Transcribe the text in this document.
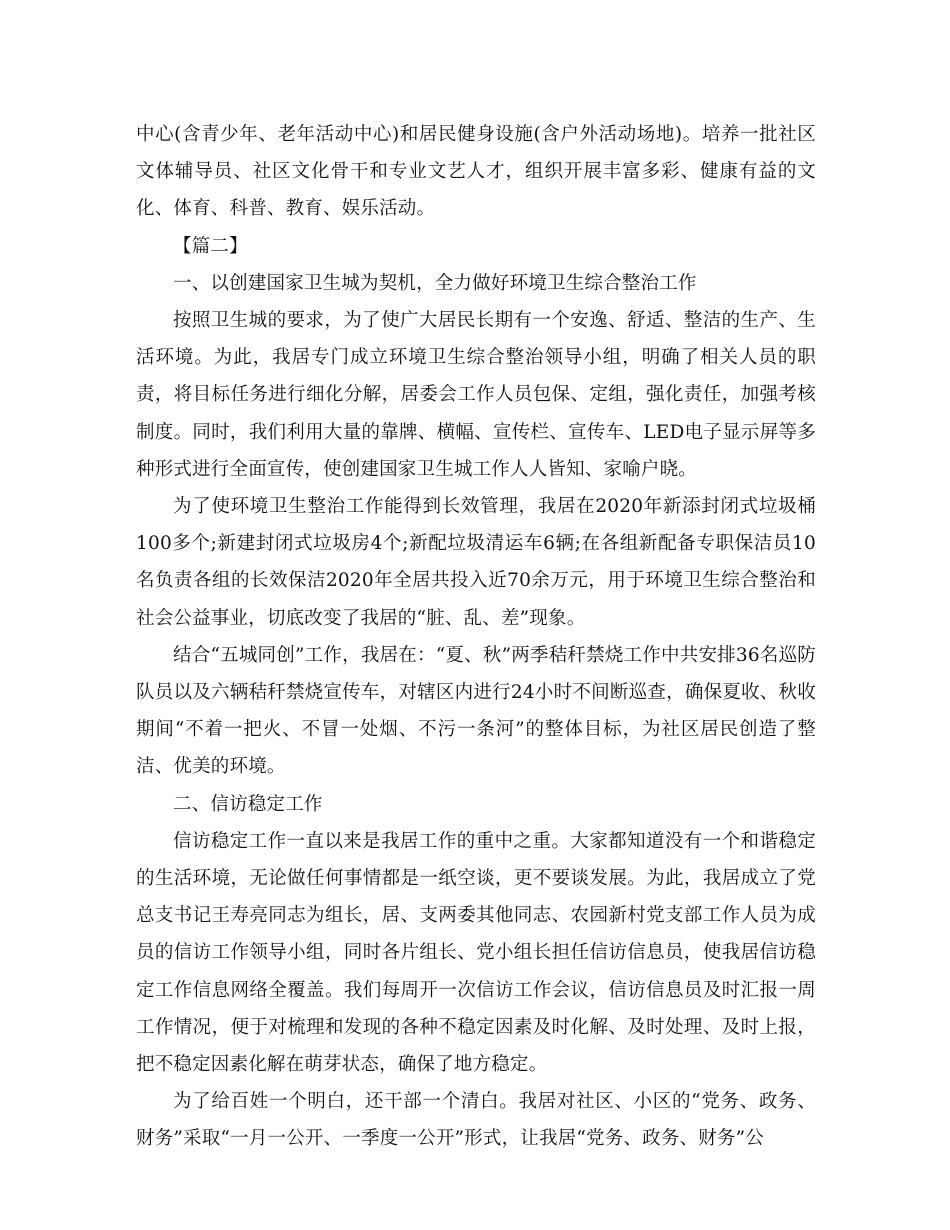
中心(含青少年、老年活动中心)和居民健身设施(含户外活动场地)。培养一批社区文体辅导员、社区文化骨干和专业文艺人才，组织开展丰富多彩、健康有益的文化、体育、科普、教育、娱乐活动。

【篇二】

一、以创建国家卫生城为契机，全力做好环境卫生综合整治工作

按照卫生城的要求，为了使广大居民长期有一个安逸、舒适、整洁的生产、生活环境。为此，我居专门成立环境卫生综合整治领导小组，明确了相关人员的职责，将目标任务进行细化分解，居委会工作人员包保、定组，强化责任，加强考核制度。同时，我们利用大量的靠牌、横幅、宣传栏、宣传车、LED电子显示屏等多种形式进行全面宣传，使创建国家卫生城工作人人皆知、家喻户晓。

为了使环境卫生整治工作能得到长效管理，我居在2020年新添封闭式垃圾桶100多个;新建封闭式垃圾房4个;新配垃圾清运车6辆;在各组新配备专职保洁员10名负责各组的长效保洁2020年全居共投入近70余万元，用于环境卫生综合整治和社会公益事业，切底改变了我居的“脏、乱、差”现象。

结合“五城同创”工作，我居在：“夏、秋”两季秸秆禁烧工作中共安排36名巡防队员以及六辆秸秆禁烧宣传车，对辖区内进行24小时不间断巡查，确保夏收、秋收期间“不着一把火、不冒一处烟、不污一条河”的整体目标，为社区居民创造了整洁、优美的环境。

二、信访稳定工作

信访稳定工作一直以来是我居工作的重中之重。大家都知道没有一个和谐稳定的生活环境，无论做任何事情都是一纸空谈，更不要谈发展。为此，我居成立了党总支书记王寿亮同志为组长，居、支两委其他同志、农园新村党支部工作人员为成员的信访工作领导小组，同时各片组长、党小组长担任信访信息员，使我居信访稳定工作信息网络全覆盖。我们每周开一次信访工作会议，信访信息员及时汇报一周工作情况，便于对梳理和发现的各种不稳定因素及时化解、及时处理、及时上报，把不稳定因素化解在萌芽状态，确保了地方稳定。

为了给百姓一个明白，还干部一个清白。我居对社区、小区的“党务、政务、财务”采取“一月一公开、一季度一公开”形式，让我居“党务、政务、财务”公
